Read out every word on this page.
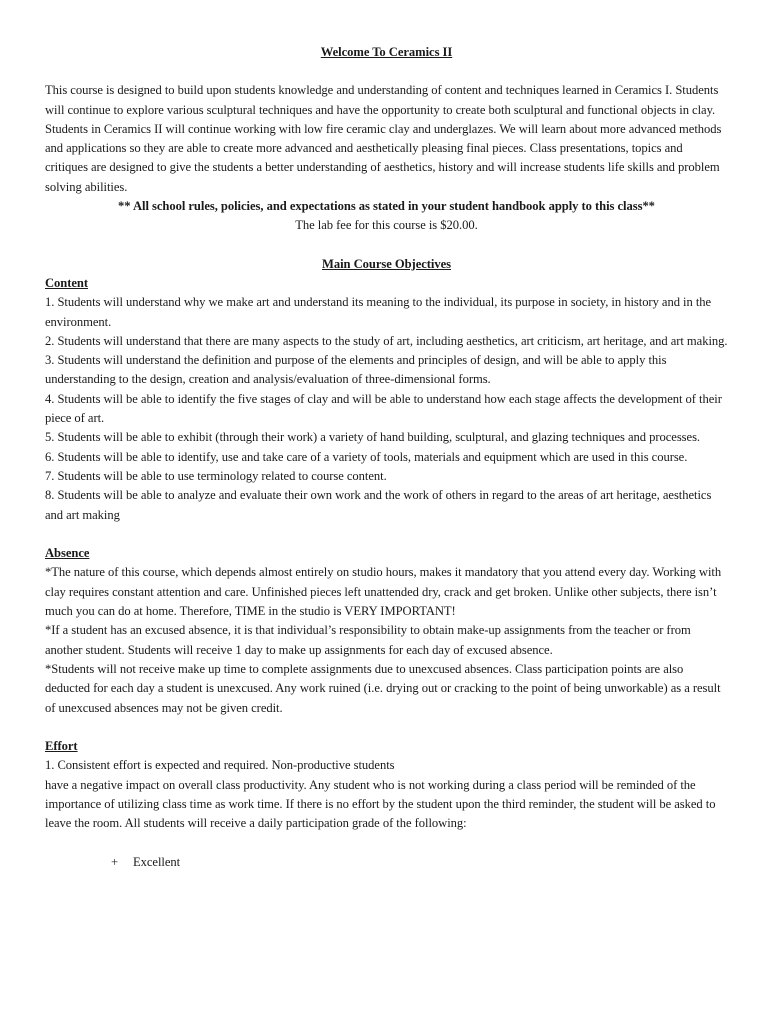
Welcome To Ceramics II

This course is designed to build upon students knowledge and understanding of content and techniques learned in Ceramics I. Students will continue to explore various sculptural techniques and have the opportunity to create both sculptural and functional objects in clay. Students in Ceramics II will continue working with low fire ceramic clay and underglazes. We will learn about more advanced methods and applications so they are able to create more advanced and aesthetically pleasing final pieces. Class presentations, topics and critiques are designed to give the students a better understanding of aesthetics, history and will increase students life skills and problem solving abilities.

** All school rules, policies, and expectations as stated in your student handbook apply to this class**

The lab fee for this course is $20.00.

Main Course Objectives

Content

1. Students will understand why we make art and understand its meaning to the individual, its purpose in society, in history and in the environment.

2. Students will understand that there are many aspects to the study of art, including aesthetics, art criticism, art heritage, and art making.

3. Students will understand the definition and purpose of the elements and principles of design, and will be able to apply this understanding to the design, creation and analysis/evaluation of three-dimensional forms.

4. Students will be able to identify the five stages of clay and will be able to understand how each stage affects the development of their piece of art.

5. Students will be able to exhibit (through their work) a variety of hand building, sculptural, and glazing techniques and processes.

6. Students will be able to identify, use and take care of a variety of tools, materials and equipment which are used in this course.

7. Students will be able to use terminology related to course content.

8. Students will be able to analyze and evaluate their own work and the work of others in regard to the areas of art heritage, aesthetics and art making

Absence

*The nature of this course, which depends almost entirely on studio hours, makes it mandatory that you attend every day. Working with clay requires constant attention and care. Unfinished pieces left unattended dry, crack and get broken. Unlike other subjects, there isn’t much you can do at home. Therefore, TIME in the studio is VERY IMPORTANT!

*If a student has an excused absence, it is that individual’s responsibility to obtain make-up assignments from the teacher or from another student. Students will receive 1 day to make up assignments for each day of excused absence.

*Students will not receive make up time to complete assignments due to unexcused absences. Class participation points are also deducted for each day a student is unexcused. Any work ruined (i.e. drying out or cracking to the point of being unworkable) as a result of unexcused absences may not be given credit.

Effort

1. Consistent effort is expected and required. Non-productive students

have a negative impact on overall class productivity. Any student who is not working during a class period will be reminded of the importance of utilizing class time as work time. If there is no effort by the student upon the third reminder, the student will be asked to leave the room. All students will receive a daily participation grade of the following:

+	Excellent
